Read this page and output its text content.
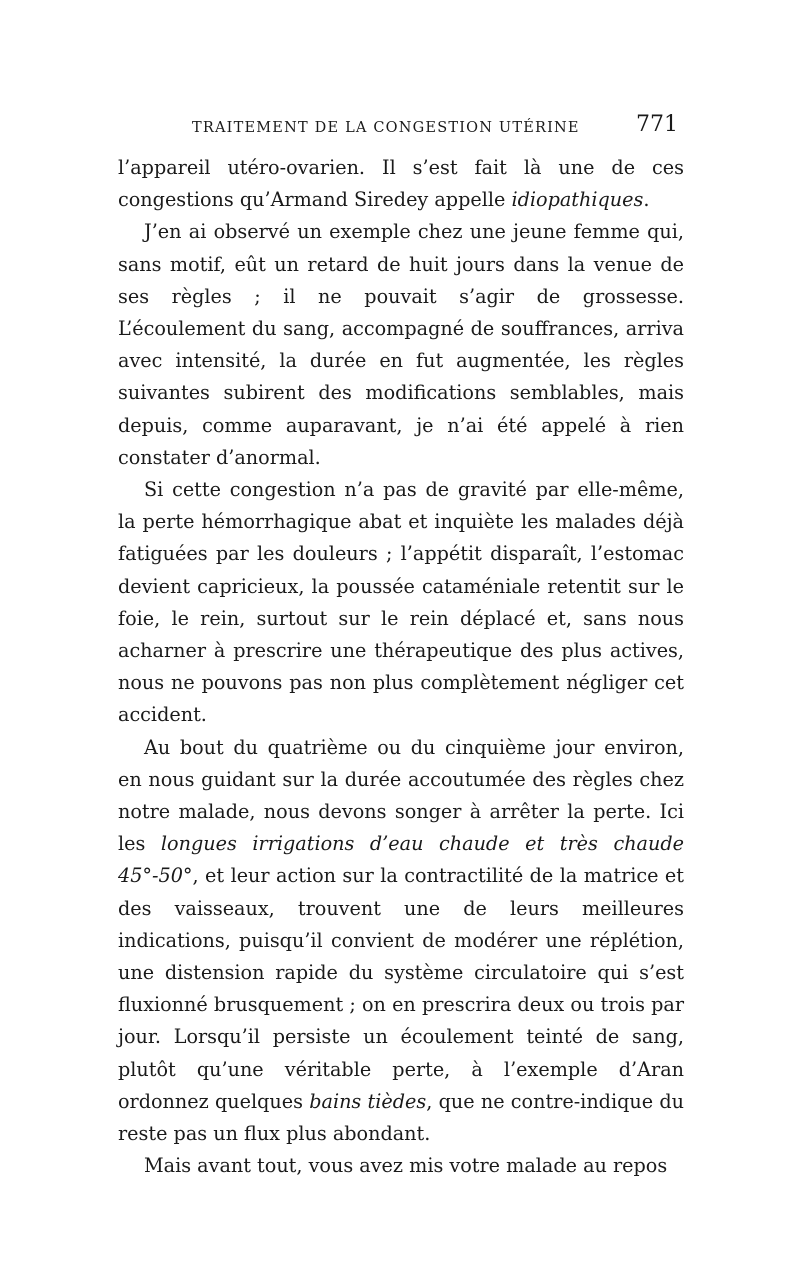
TRAITEMENT DE LA CONGESTION UTÉRINE	771

l’appareil utéro-ovarien. Il s’est fait là une de ces congestions qu’Armand Siredey appelle idiopathiques.

J’en ai observé un exemple chez une jeune femme qui, sans motif, eût un retard de huit jours dans la venue de ses règles ; il ne pouvait s’agir de grossesse. L’écoulement du sang, accompagné de souffrances, arriva avec intensité, la durée en fut augmentée, les règles suivantes subirent des modifications semblables, mais depuis, comme auparavant, je n’ai été appelé à rien constater d’anormal.

Si cette congestion n’a pas de gravité par elle-même, la perte hémorrhagique abat et inquiète les malades déjà fatiguées par les douleurs ; l’appétit disparaît, l’estomac devient capricieux, la poussée cataméniale retentit sur le foie, le rein, surtout sur le rein déplacé et, sans nous acharner à prescrire une thérapeutique des plus actives, nous ne pouvons pas non plus complètement négliger cet accident.

Au bout du quatrième ou du cinquième jour environ, en nous guidant sur la durée accoutumée des règles chez notre malade, nous devons songer à arrêter la perte. Ici les longues irrigations d’eau chaude et très chaude 45°-50°, et leur action sur la contractilité de la matrice et des vaisseaux, trouvent une de leurs meilleures indications, puisqu’il convient de modérer une réplétion, une distension rapide du système circulatoire qui s’est fluxionné brusquement ; on en prescrira deux ou trois par jour. Lorsqu’il persiste un écoulement teinté de sang, plutôt qu’une véritable perte, à l’exemple d’Aran ordonnez quelques bains tièdes, que ne contre-indique du reste pas un flux plus abondant.

Mais avant tout, vous avez mis votre malade au repos
